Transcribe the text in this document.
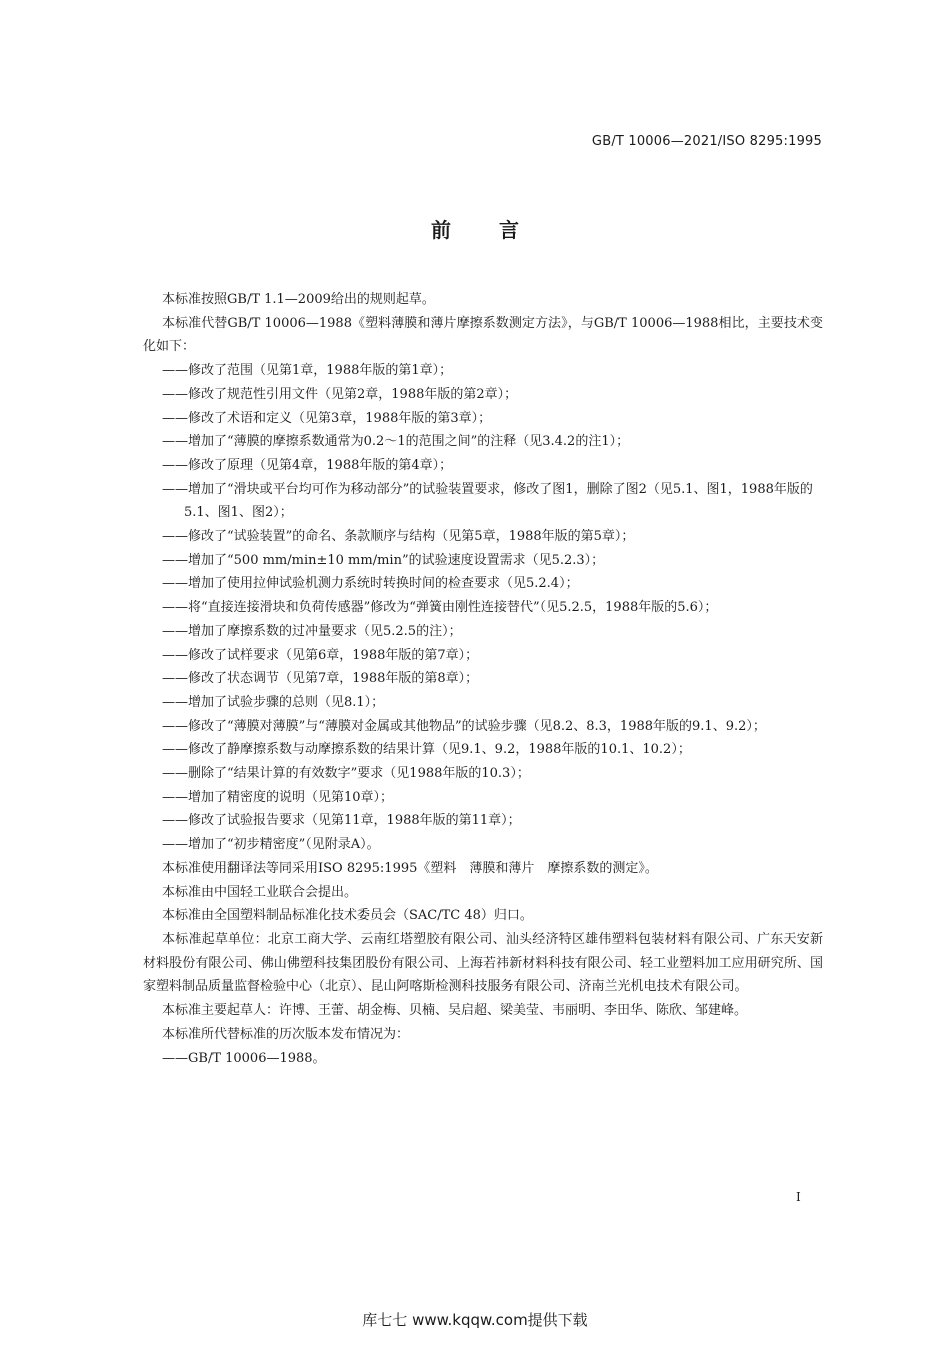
GB/T 10006—2021/ISO 8295:1995
前言

本标准按照GB/T 1.1—2009给出的规则起草。

本标准代替GB/T 10006—1988《塑料薄膜和薄片摩擦系数测定方法》，与GB/T 10006—1988相比，主要技术变化如下：

——修改了范围（见第1章，1988年版的第1章）；

——修改了规范性引用文件（见第2章，1988年版的第2章）；

——修改了术语和定义（见第3章，1988年版的第3章）；

——增加了“薄膜的摩擦系数通常为0.2～1的范围之间”的注释（见3.4.2的注1）；

——修改了原理（见第4章，1988年版的第4章）；

——增加了“滑块或平台均可作为移动部分”的试验装置要求，修改了图1，删除了图2（见5.1、图1，1988年版的5.1、图1、图2）；

——修改了“试验装置”的命名、条款顺序与结构（见第5章，1988年版的第5章）；

——增加了“500 mm/min±10 mm/min”的试验速度设置需求（见5.2.3）；

——增加了使用拉伸试验机测力系统时转换时间的检查要求（见5.2.4）；

——将“直接连接滑块和负荷传感器”修改为“弹簧由刚性连接替代”（见5.2.5，1988年版的5.6）；

——增加了摩擦系数的过冲量要求（见5.2.5的注）；

——修改了试样要求（见第6章，1988年版的第7章）；

——修改了状态调节（见第7章，1988年版的第8章）；

——增加了试验步骤的总则（见8.1）；

——修改了“薄膜对薄膜”与“薄膜对金属或其他物品”的试验步骤（见8.2、8.3，1988年版的9.1、9.2）；

——修改了静摩擦系数与动摩擦系数的结果计算（见9.1、9.2，1988年版的10.1、10.2）；

——删除了“结果计算的有效数字”要求（见1988年版的10.3）；

——增加了精密度的说明（见第10章）；

——修改了试验报告要求（见第11章，1988年版的第11章）；

——增加了“初步精密度”（见附录A）。

本标准使用翻译法等同采用ISO 8295:1995《塑料　薄膜和薄片　摩擦系数的测定》。

本标准由中国轻工业联合会提出。

本标准由全国塑料制品标准化技术委员会（SAC/TC 48）归口。

本标准起草单位：北京工商大学、云南红塔塑胶有限公司、汕头经济特区雄伟塑料包装材料有限公司、广东天安新材料股份有限公司、佛山佛塑科技集团股份有限公司、上海若祎新材料科技有限公司、轻工业塑料加工应用研究所、国家塑料制品质量监督检验中心（北京）、昆山阿喀斯检测科技服务有限公司、济南兰光机电技术有限公司。

本标准主要起草人：许博、王蕾、胡金梅、贝楠、吴启超、梁美莹、韦丽明、李田华、陈欣、邹建峰。

本标准所代替标准的历次版本发布情况为：

——GB/T 10006—1988。

I
库七七 www.kqqw.com提供下载
